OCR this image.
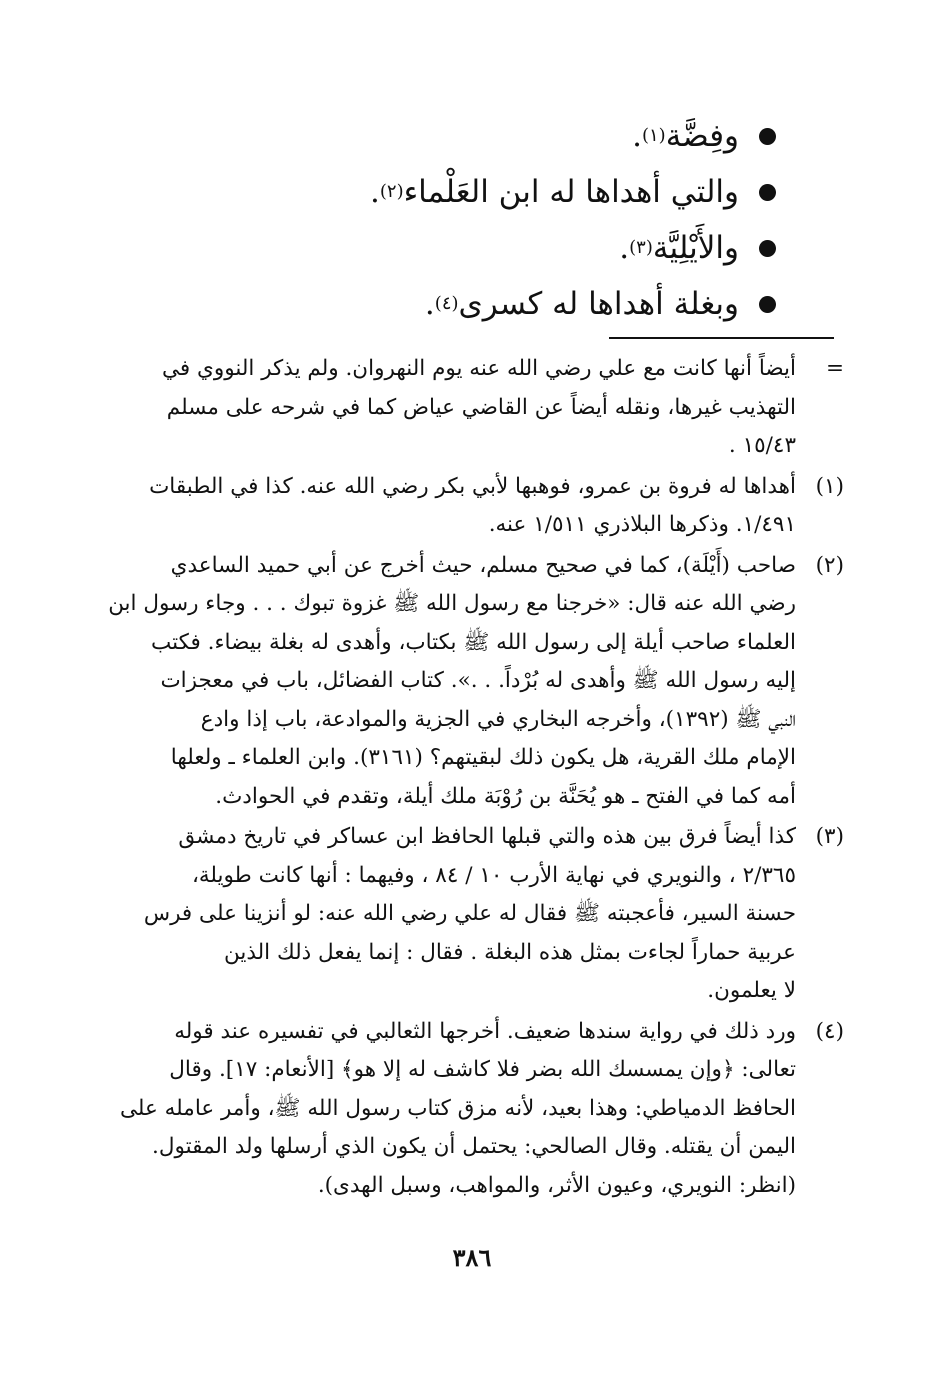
وفِضَّة
(١)
.
والتي أهداها له ابن العَلْماء
(٢)
.
والأَيْلِيَّة
(٣)
.
وبغلة أهداها له كسرى
(٤)
.
=
أيضاً أنها كانت مع علي رضي الله عنه يوم النهروان. ولم يذكر النووي في
التهذيب غيرها، ونقله أيضاً عن القاضي عياض كما في شرحه على مسلم
١٥/٤٣ .
(١)
أهداها له فروة بن عمرو، فوهبها لأبي بكر رضي الله عنه. كذا في الطبقات
١/٤٩١. وذكرها البلاذري ١/٥١١ عنه.
(٢)
صاحب (أَيْلَة)، كما في صحيح مسلم، حيث أخرج عن أبي حميد الساعدي
رضي الله عنه قال: «خرجنا مع رسول الله ﷺ غزوة تبوك . . . وجاء رسول ابن
العلماء صاحب أيلة إلى رسول الله ﷺ بكتاب، وأهدى له بغلة بيضاء. فكتب
إليه رسول الله ﷺ وأهدى له بُرْداً. . .». كتاب الفضائل، باب في معجزات
النبي ﷺ (١٣٩٢)، وأخرجه البخاري في الجزية والموادعة، باب إذا وادع
الإمام ملك القرية، هل يكون ذلك لبقيتهم؟ (٣١٦١). وابن العلماء ـ ولعلها
أمه كما في الفتح ـ هو يُحَنَّة بن رُوْبَة ملك أيلة، وتقدم في الحوادث.
(٣)
كذا أيضاً فرق بين هذه والتي قبلها الحافظ ابن عساكر في تاريخ دمشق
٢/٣٦٥ ، والنويري في نهاية الأرب ١٠ / ٨٤ ، وفيهما : أنها كانت طويلة،
حسنة السير، فأعجبته ﷺ فقال له علي رضي الله عنه: لو أنزينا على فرس
عربية حماراً لجاءت بمثل هذه البغلة . فقال : إنما يفعل ذلك الذين
لا يعلمون.
(٤)
ورد ذلك في رواية سندها ضعيف. أخرجها الثعالبي في تفسيره عند قوله
تعالى: ﴿وإن يمسسك الله بضر فلا كاشف له إلا هو﴾ [الأنعام: ١٧]. وقال
الحافظ الدمياطي: وهذا بعيد، لأنه مزق كتاب رسول الله ﷺ، وأمر عامله على
اليمن أن يقتله. وقال الصالحي: يحتمل أن يكون الذي أرسلها ولد المقتول.
(انظر: النويري، وعيون الأثر، والمواهب، وسبل الهدى).
٣٨٦
